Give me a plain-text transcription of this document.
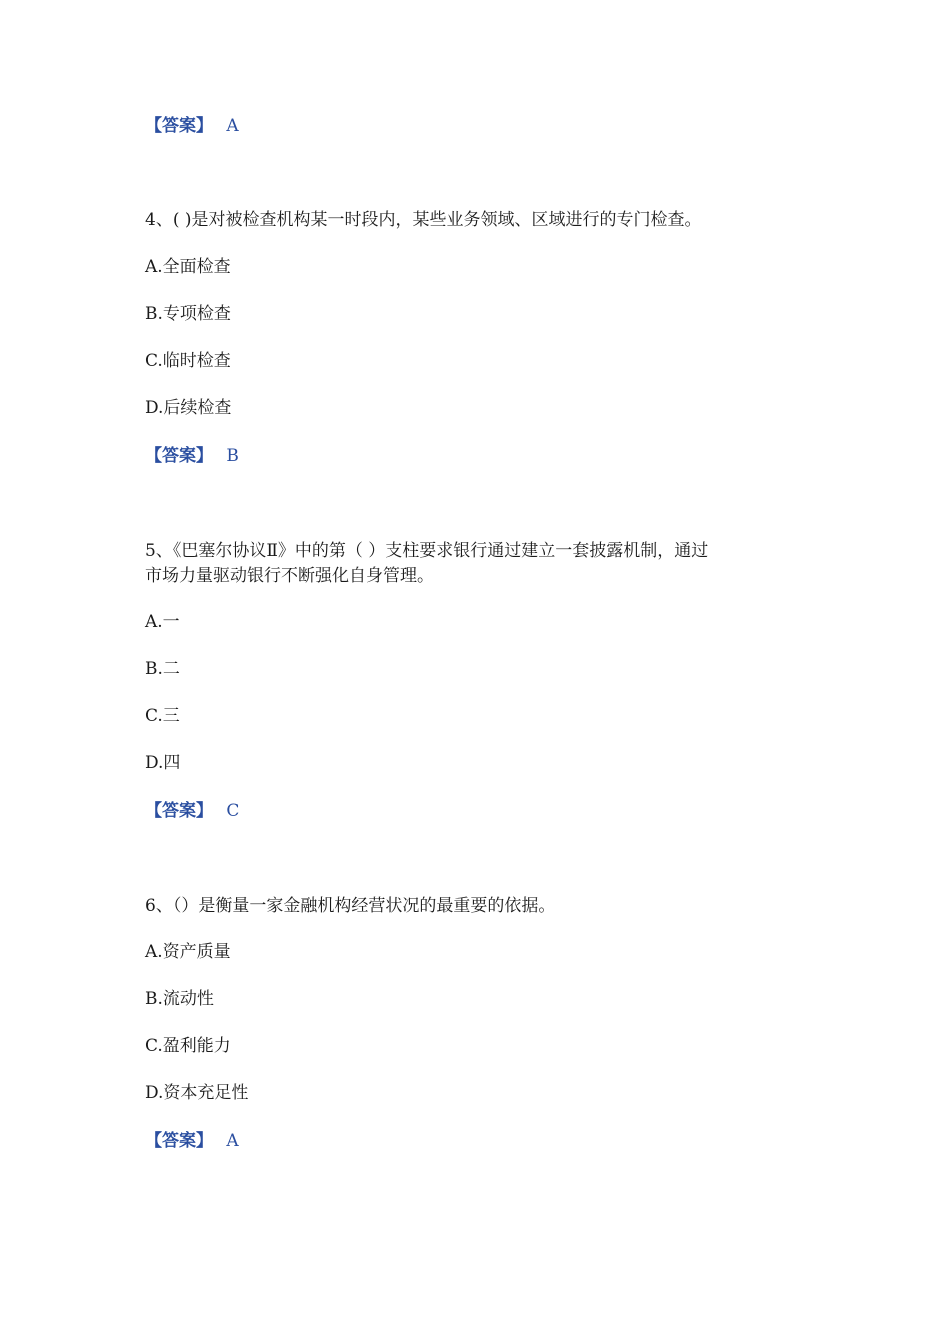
【答案】 A
4、( )是对被检查机构某一时段内，某些业务领域、区域进行的专门检查。
A.全面检查
B.专项检查
C.临时检查
D.后续检查
【答案】 B
5、《巴塞尔协议Ⅱ》中的第（ ）支柱要求银行通过建立一套披露机制，通过
市场力量驱动银行不断强化自身管理。
A.一
B.二
C.三
D.四
【答案】 C
6、（）是衡量一家金融机构经营状况的最重要的依据。
A.资产质量
B.流动性
C.盈利能力
D.资本充足性
【答案】 A
